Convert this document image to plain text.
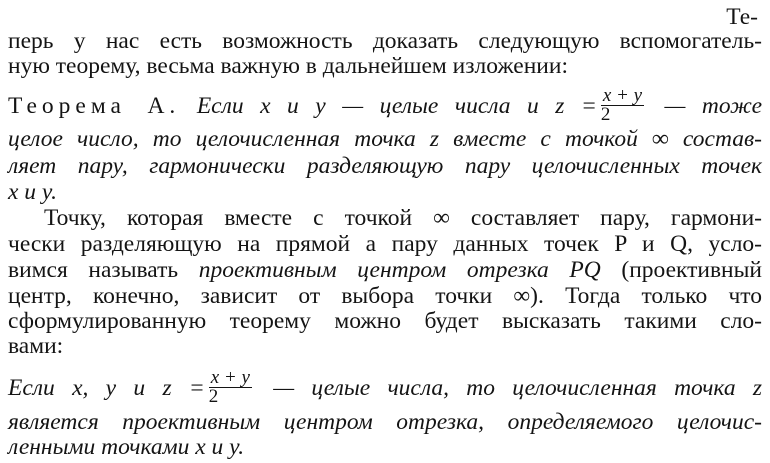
Те-
перь у нас есть возможность доказать следующую вспомогатель-
ную теорему, весьма важную в дальнейшем изложении:
Теорема А. Если x и y — целые числа и $z = \frac{x + y}{2}$ — тоже
целое число, то целочисленная точка z вместе с точкой ∞ состав-
ляет пару, гармонически разделяющую пару целочисленных точек
x и y.
Точку, которая вместе с точкой ∞ составляет пару, гармони-
чески разделяющую на прямой a пару данных точек P и Q, усло-
вимся называть проективным центром отрезка PQ (проективный
центр, конечно, зависит от выбора точки ∞). Тогда только что
сформулированную теорему можно будет высказать такими сло-
вами:
Если x, y и $z = \frac{x + y}{2}$ — целые числа, то целочисленная точка z
является проективным центром отрезка, определяемого целочис-
ленными точками x и y.
